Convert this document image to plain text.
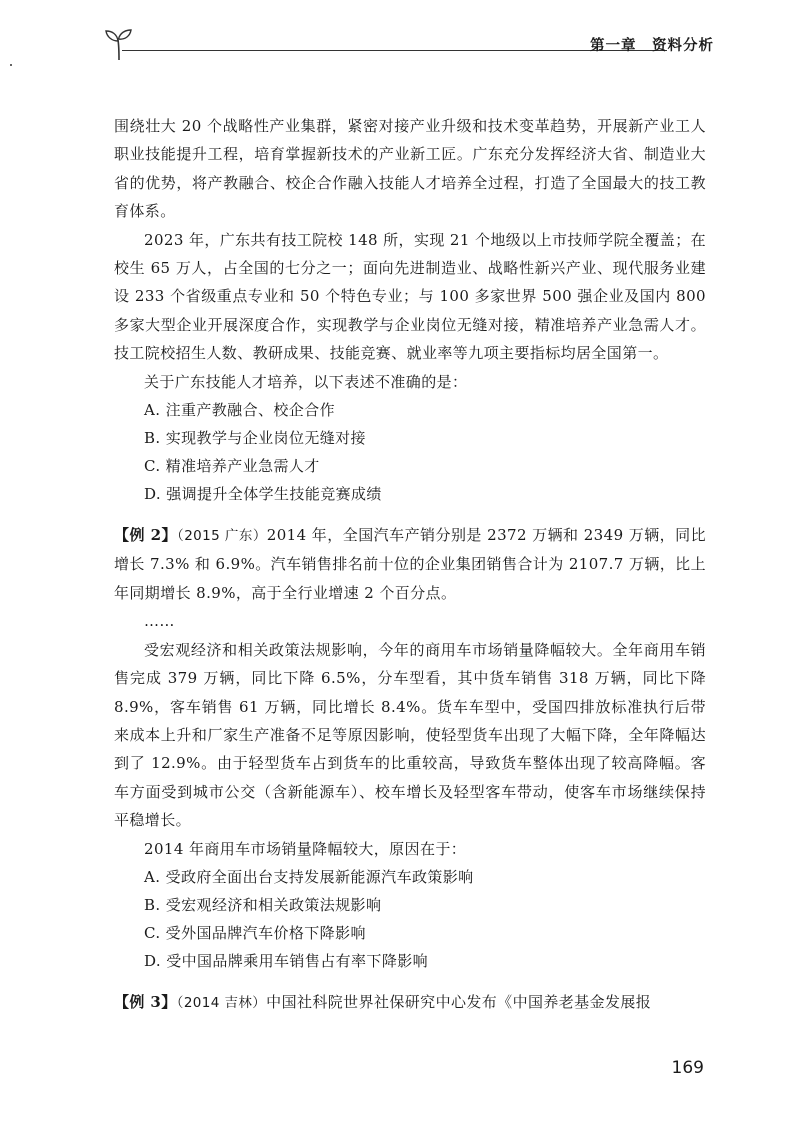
第一章　资料分析

围绕壮大 20 个战略性产业集群，紧密对接产业升级和技术变革趋势，开展新产业工人职业技能提升工程，培育掌握新技术的产业新工匠。广东充分发挥经济大省、制造业大省的优势，将产教融合、校企合作融入技能人才培养全过程，打造了全国最大的技工教育体系。

2023 年，广东共有技工院校 148 所，实现 21 个地级以上市技师学院全覆盖；在校生 65 万人，占全国的七分之一；面向先进制造业、战略性新兴产业、现代服务业建设 233 个省级重点专业和 50 个特色专业；与 100 多家世界 500 强企业及国内 800 多家大型企业开展深度合作，实现教学与企业岗位无缝对接，精准培养产业急需人才。技工院校招生人数、教研成果、技能竞赛、就业率等九项主要指标均居全国第一。

关于广东技能人才培养，以下表述不准确的是：

A. 注重产教融合、校企合作
B. 实现教学与企业岗位无缝对接
C. 精准培养产业急需人才
D. 强调提升全体学生技能竞赛成绩

【例 2】（2015 广东）2014 年，全国汽车产销分别是 2372 万辆和 2349 万辆，同比增长 7.3% 和 6.9%。汽车销售排名前十位的企业集团销售合计为 2107.7 万辆，比上年同期增长 8.9%，高于全行业增速 2 个百分点。

……

受宏观经济和相关政策法规影响，今年的商用车市场销量降幅较大。全年商用车销售完成 379 万辆，同比下降 6.5%，分车型看，其中货车销售 318 万辆，同比下降 8.9%，客车销售 61 万辆，同比增长 8.4%。货车车型中，受国四排放标准执行后带来成本上升和厂家生产准备不足等原因影响，使轻型货车出现了大幅下降，全年降幅达到了 12.9%。由于轻型货车占到货车的比重较高，导致货车整体出现了较高降幅。客车方面受到城市公交（含新能源车）、校车增长及轻型客车带动，使客车市场继续保持平稳增长。

2014 年商用车市场销量降幅较大，原因在于：

A. 受政府全面出台支持发展新能源汽车政策影响
B. 受宏观经济和相关政策法规影响
C. 受外国品牌汽车价格下降影响
D. 受中国品牌乘用车销售占有率下降影响

【例 3】（2014 吉林）中国社科院世界社保研究中心发布《中国养老基金发展报

169
